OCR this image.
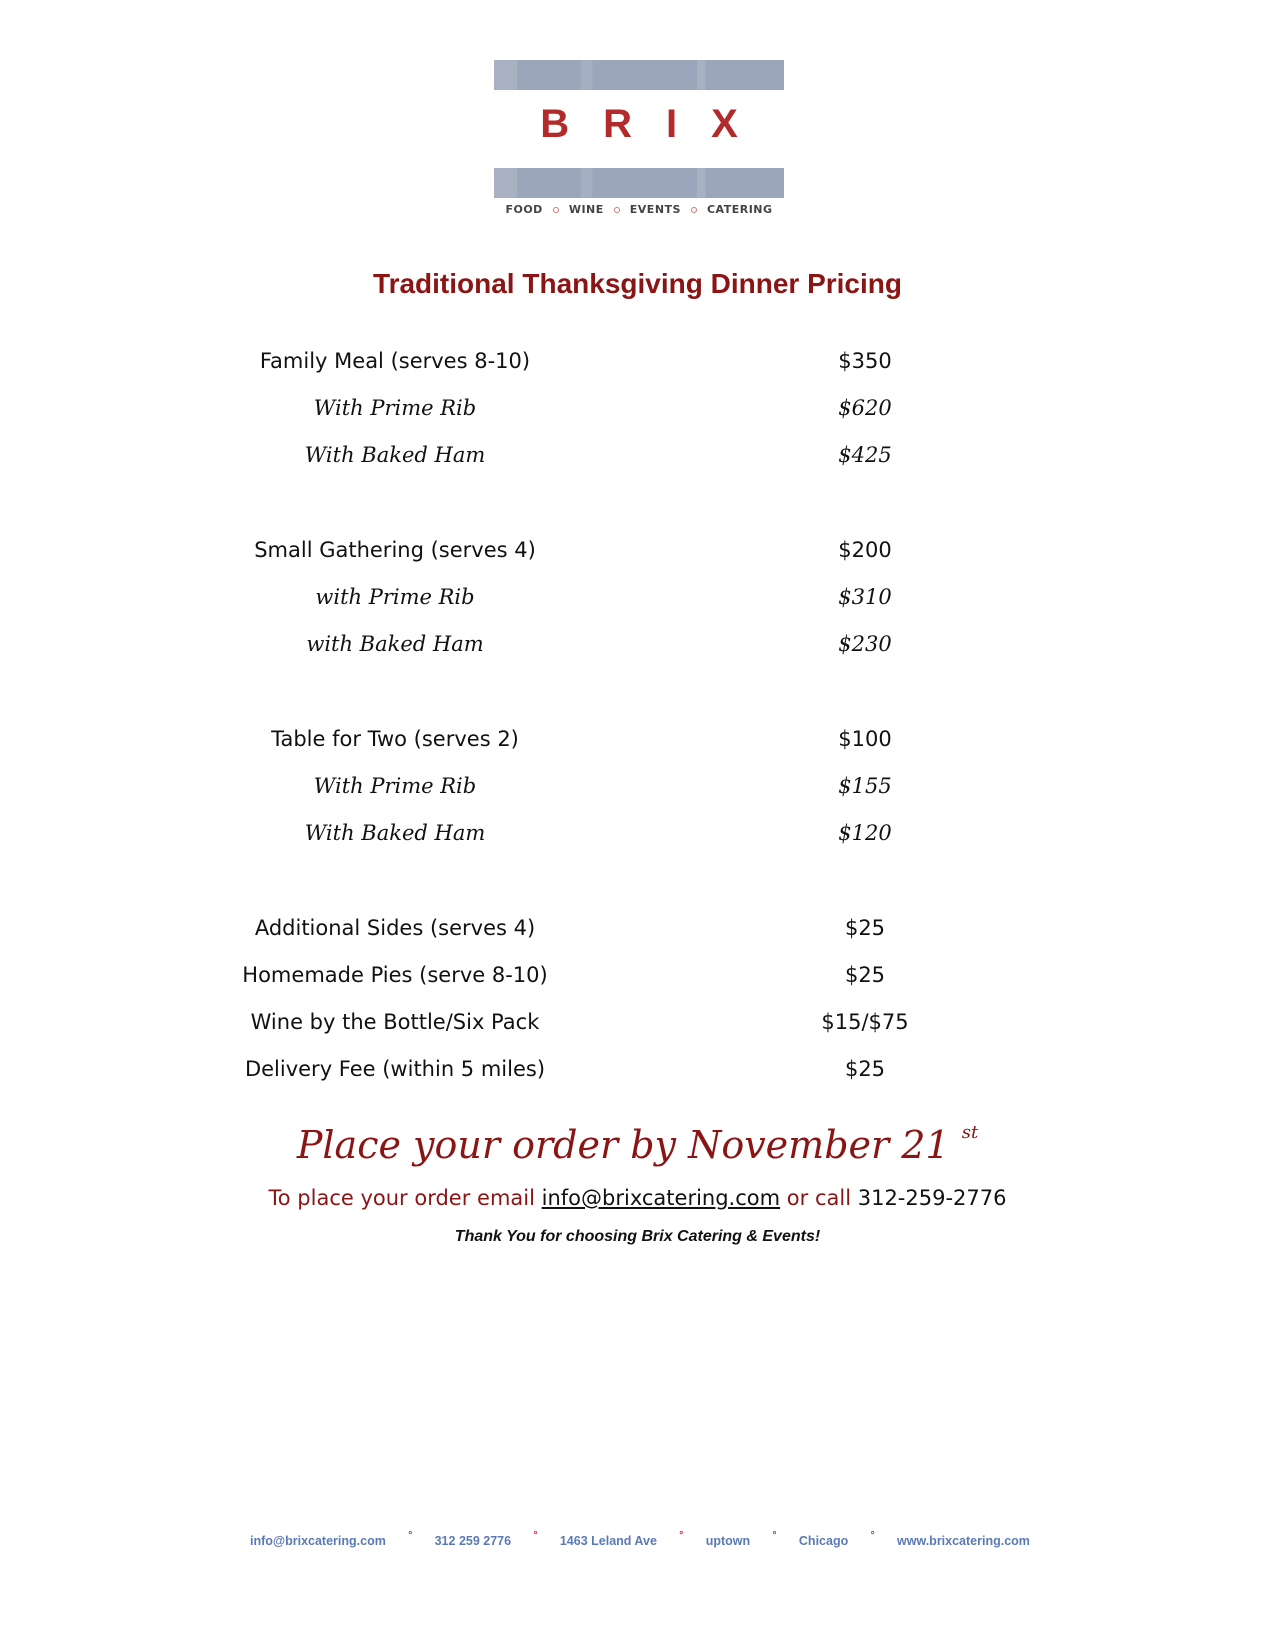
BRIX
FOOD WINE EVENTS CATERING
Traditional Thanksgiving Dinner Pricing
Family Meal (serves 8-10)	$350
With Prime Rib	$620
With Baked Ham	$425
Small Gathering (serves 4)	$200
with Prime Rib	$310
with Baked Ham	$230
Table for Two (serves 2)	$100
With Prime Rib	$155
With Baked Ham	$120
Additional Sides (serves 4)	$25
Homemade Pies (serve 8-10)	$25
Wine by the Bottle/Six Pack	$15/$75
Delivery Fee (within 5 miles)	$25
Place your order by November 21 $^{st}$
To place your order email info@brixcatering.com or call 312-259-2776
Thank You for choosing Brix Catering & Events!
info@brixcatering.com ° 312 259 2776 ° 1463 Leland Ave ° uptown ° Chicago ° www.brixcatering.com
